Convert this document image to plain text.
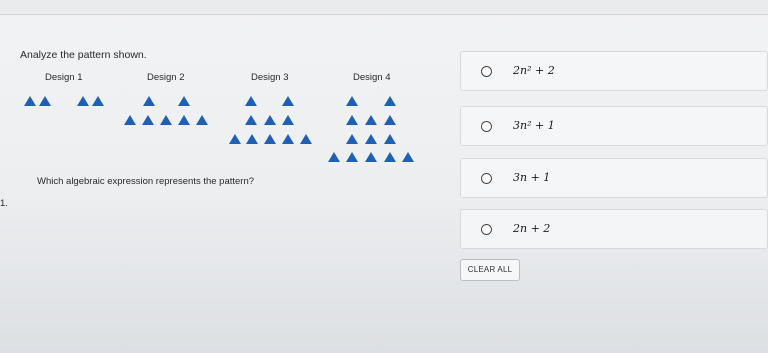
Analyze the pattern shown.
Design 1	Design 2	Design 3	Design 4
Which algebraic expression represents the pattern?
1.
2n² + 2
3n² + 1
3n + 1
2n + 2
CLEAR ALL
